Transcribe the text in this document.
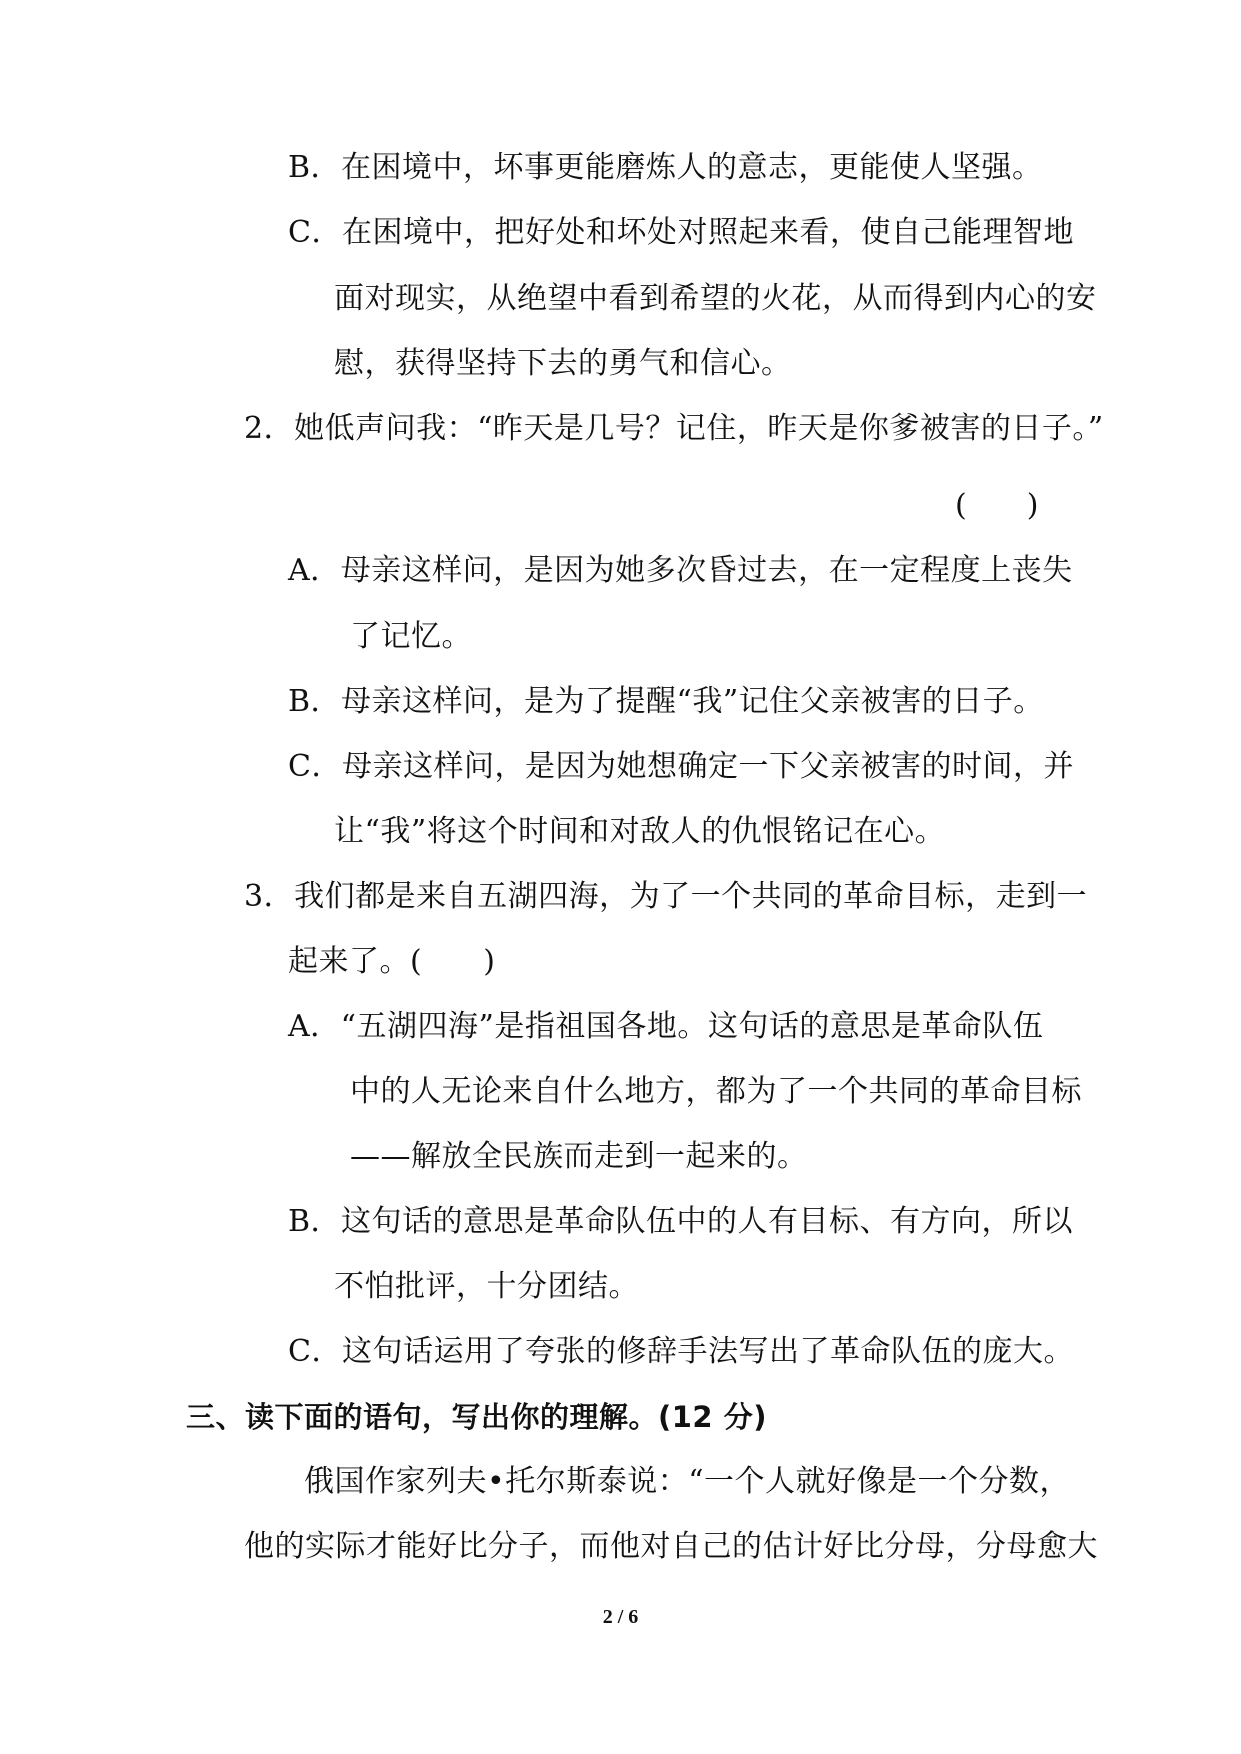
B．在困境中，坏事更能磨炼人的意志，更能使人坚强。
C．在困境中，把好处和坏处对照起来看，使自己能理智地
面对现实，从绝望中看到希望的火花，从而得到内心的安
慰，获得坚持下去的勇气和信心。
2．她低声问我：“昨天是几号？记住，昨天是你爹被害的日子。”
(　　)
A．母亲这样问，是因为她多次昏过去，在一定程度上丧失
了记忆。
B．母亲这样问，是为了提醒“我”记住父亲被害的日子。
C．母亲这样问，是因为她想确定一下父亲被害的时间，并
让“我”将这个时间和对敌人的仇恨铭记在心。
3．我们都是来自五湖四海，为了一个共同的革命目标，走到一
起来了。(　　)
A．“五湖四海”是指祖国各地。这句话的意思是革命队伍
中的人无论来自什么地方，都为了一个共同的革命目标
——解放全民族而走到一起来的。
B．这句话的意思是革命队伍中的人有目标、有方向，所以
不怕批评，十分团结。
C．这句话运用了夸张的修辞手法写出了革命队伍的庞大。
三、读下面的语句，写出你的理解。(12 分)
俄国作家列夫•托尔斯泰说：“一个人就好像是一个分数，
他的实际才能好比分子，而他对自己的估计好比分母，分母愈大
2 / 6
